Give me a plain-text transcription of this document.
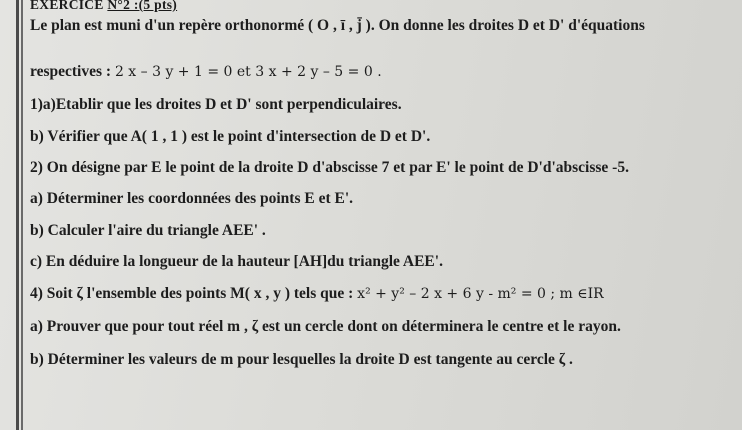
EXERCICE N°2 :(5 pts)
Le plan est muni d'un repère orthonormé ( O , ī , j̄ ). On donne les droites D et D' d'équations
respectives : 2 x – 3 y + 1 = 0 et 3 x + 2 y – 5 = 0 .
1)a)Etablir que les droites D et D' sont perpendiculaires.
b) Vérifier que A( 1 , 1 ) est le point d'intersection de D et D'.
2) On désigne par E le point de la droite D d'abscisse 7 et par E' le point de D'd'abscisse -5.
a) Déterminer les coordonnées des points E et E'.
b) Calculer l'aire du triangle AEE' .
c) En déduire la longueur de la hauteur [AH]du triangle AEE'.
4) Soit ζ l'ensemble des points M( x , y ) tels que : x² + y² – 2 x + 6 y - m² = 0 ; m ∈IR
a) Prouver que pour tout réel m , ζ est un cercle dont on déterminera le centre et le rayon.
b) Déterminer les valeurs de m pour lesquelles la droite D est tangente au cercle ζ .
